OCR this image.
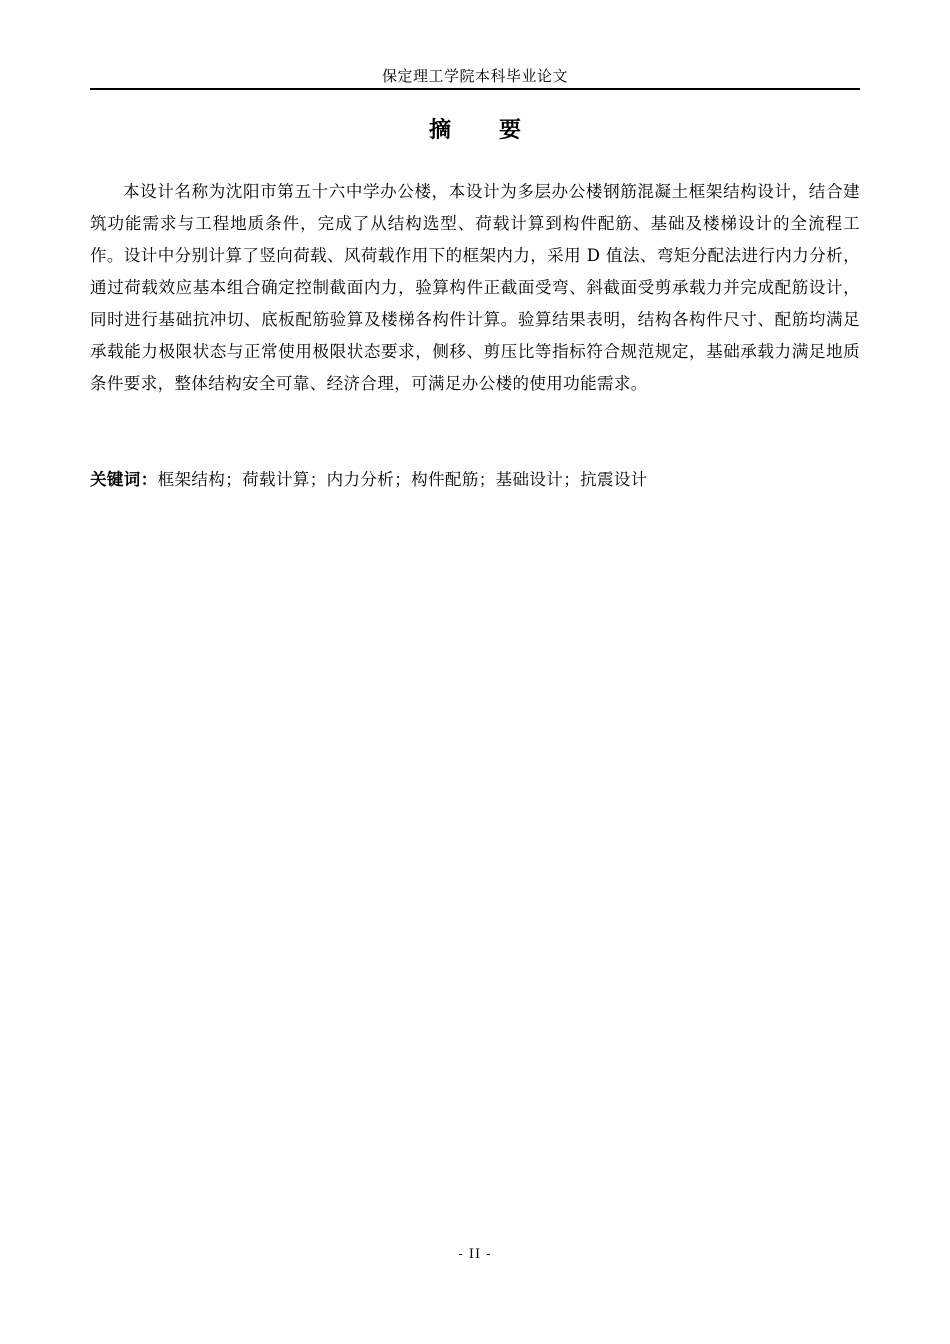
保定理工学院本科毕业论文
摘要

本设计名称为沈阳市第五十六中学办公楼，本设计为多层办公楼钢筋混凝土框架结构设计，结合建筑功能需求与工程地质条件，完成了从结构选型、荷载计算到构件配筋、基础及楼梯设计的全流程工作。设计中分别计算了竖向荷载、风荷载作用下的框架内力，采用 D 值法、弯矩分配法进行内力分析，通过荷载效应基本组合确定控制截面内力，验算构件正截面受弯、斜截面受剪承载力并完成配筋设计，同时进行基础抗冲切、底板配筋验算及楼梯各构件计算。验算结果表明，结构各构件尺寸、配筋均满足承载能力极限状态与正常使用极限状态要求，侧移、剪压比等指标符合规范规定，基础承载力满足地质条件要求，整体结构安全可靠、经济合理，可满足办公楼的使用功能需求。

关键词：框架结构；荷载计算；内力分析；构件配筋；基础设计；抗震设计
- II -
